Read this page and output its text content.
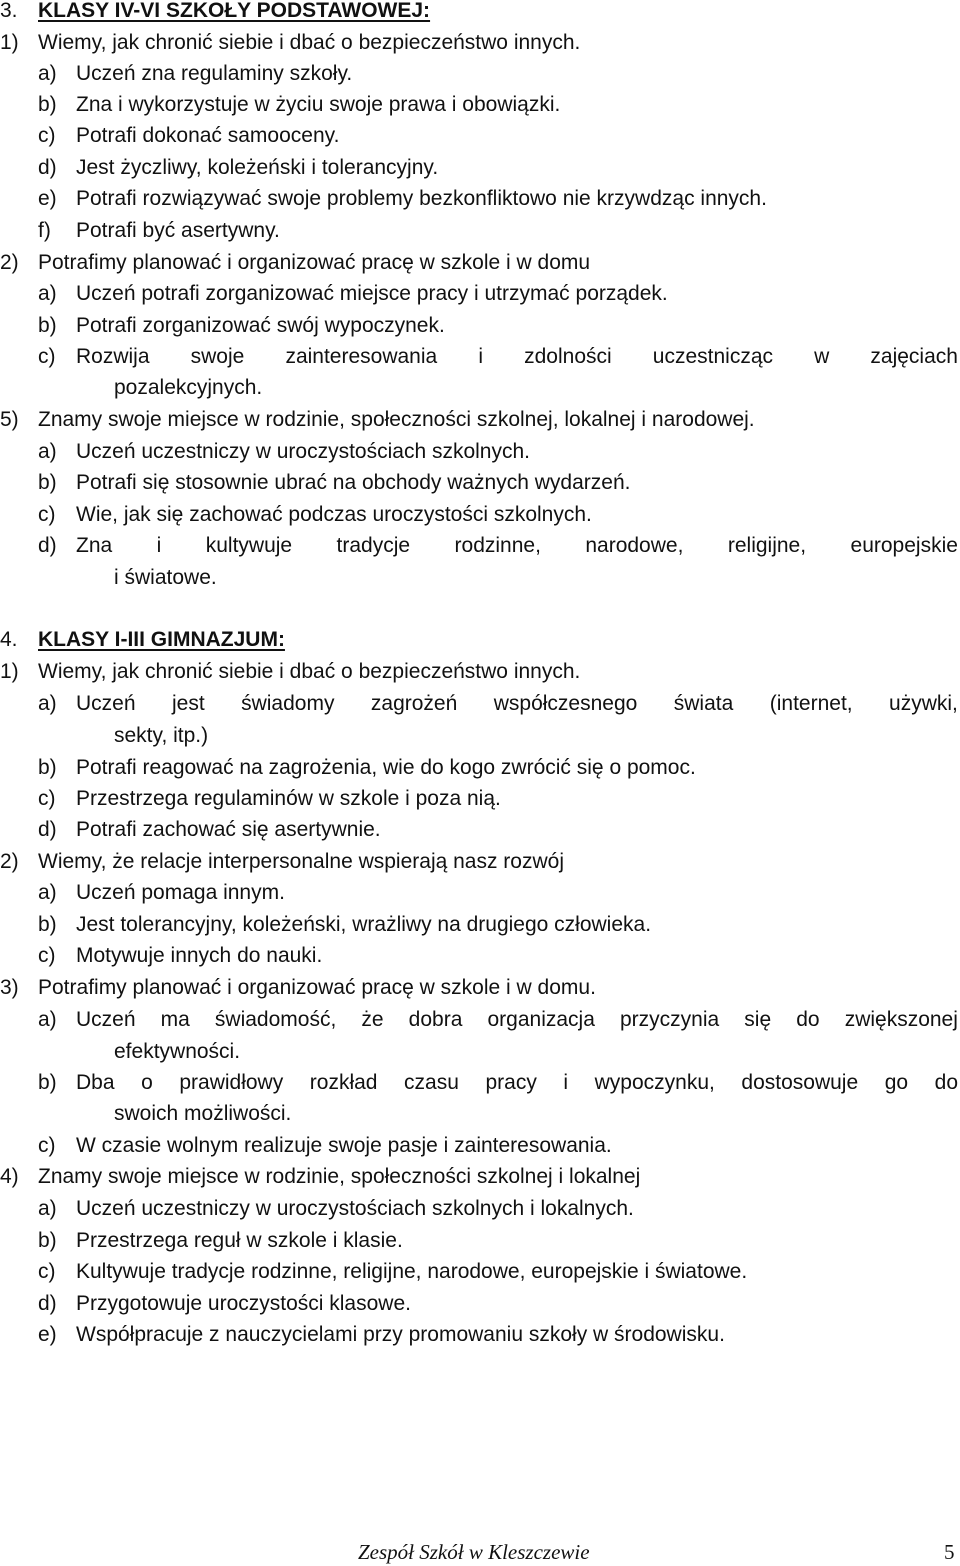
3. KLASY IV-VI SZKOŁY PODSTAWOWEJ:
1) Wiemy, jak chronić siebie i dbać o bezpieczeństwo innych.
a) Uczeń zna regulaminy szkoły.
b) Zna i wykorzystuje w życiu swoje prawa i obowiązki.
c) Potrafi dokonać samooceny.
d) Jest życzliwy, koleżeński i tolerancyjny.
e) Potrafi rozwiązywać swoje problemy bezkonfliktowo nie krzywdząc innych.
f) Potrafi być asertywny.
2) Potrafimy planować i organizować pracę w szkole i w domu
a) Uczeń potrafi zorganizować miejsce pracy i utrzymać porządek.
b) Potrafi zorganizować swój wypoczynek.
c) Rozwija swoje zainteresowania i zdolności uczestnicząc w zajęciach
pozalekcyjnych.
5) Znamy swoje miejsce w rodzinie, społeczności szkolnej, lokalnej i narodowej.
a) Uczeń uczestniczy w uroczystościach szkolnych.
b) Potrafi się stosownie ubrać na obchody ważnych wydarzeń.
c) Wie, jak się zachować podczas uroczystości szkolnych.
d) Zna i kultywuje tradycje rodzinne, narodowe, religijne, europejskie
i światowe.
1) Wiemy, jak chronić siebie i dbać o bezpieczeństwo innych.
a) Uczeń jest świadomy zagrożeń współczesnego świata (internet, używki,
sekty, itp.)
b) Potrafi reagować na zagrożenia, wie do kogo zwrócić się o pomoc.
c) Przestrzega regulaminów w szkole i poza nią.
d) Potrafi zachować się asertywnie.
2) Wiemy, że relacje interpersonalne wspierają nasz rozwój
a) Uczeń pomaga innym.
b) Jest tolerancyjny, koleżeński, wrażliwy na drugiego człowieka.
c) Motywuje innych do nauki.
3) Potrafimy planować i organizować pracę w szkole i w domu.
a) Uczeń ma świadomość, że dobra organizacja przyczynia się do zwiększonej
efektywności.
b) Dba o prawidłowy rozkład czasu pracy i wypoczynku, dostosowuje go do
swoich możliwości.
c) W czasie wolnym realizuje swoje pasje i zainteresowania.
4) Znamy swoje miejsce w rodzinie, społeczności szkolnej i lokalnej
a) Uczeń uczestniczy w uroczystościach szkolnych i lokalnych.
b) Przestrzega reguł w szkole i klasie.
c) Kultywuje tradycje rodzinne, religijne, narodowe, europejskie i światowe.
d) Przygotowuje uroczystości klasowe.
e) Współpracuje z nauczycielami przy promowaniu szkoły w środowisku.
4. KLASY I-III GIMNAZJUM:
Zespół Szkół w Kleszczewie	5
